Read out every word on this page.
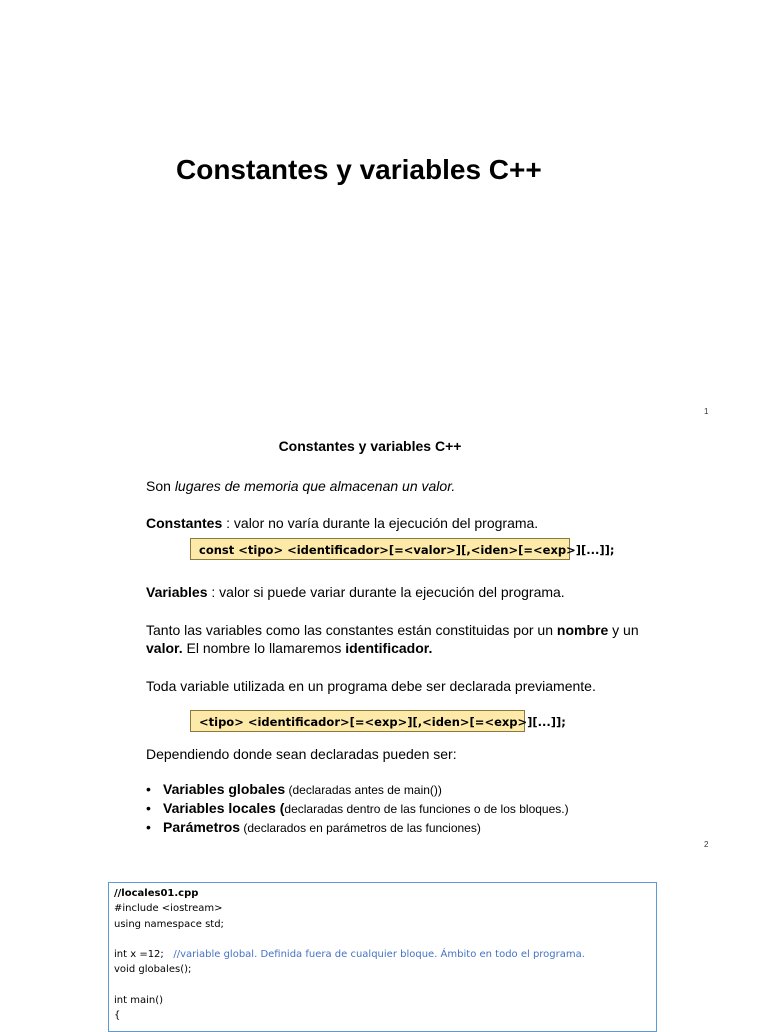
Constantes y variables C++
1
Constantes y variables C++
Son lugares de memoria que almacenan un valor.
Constantes : valor no varía durante la ejecución del programa.
const <tipo> <identificador>[=<valor>][,<iden>[=<exp>][...]];
Variables : valor si puede variar durante la ejecución del programa.
Tanto las variables como las constantes están constituidas por un nombre y un
valor. El nombre lo llamaremos identificador.
Toda variable utilizada en un programa debe ser declarada previamente.
<tipo> <identificador>[=<exp>][,<iden>[=<exp>][...]];
Dependiendo donde sean declaradas pueden ser:
• Variables globales (declaradas antes de main())
• Variables locales (declaradas dentro de las funciones o de los bloques.)
• Parámetros (declarados en parámetros de las funciones)
2
//locales01.cpp
#include <iostream>
using namespace std;
int x =12;   //variable global. Definida fuera de cualquier bloque. Ámbito en todo el programa.
void globales();
int main()
{
